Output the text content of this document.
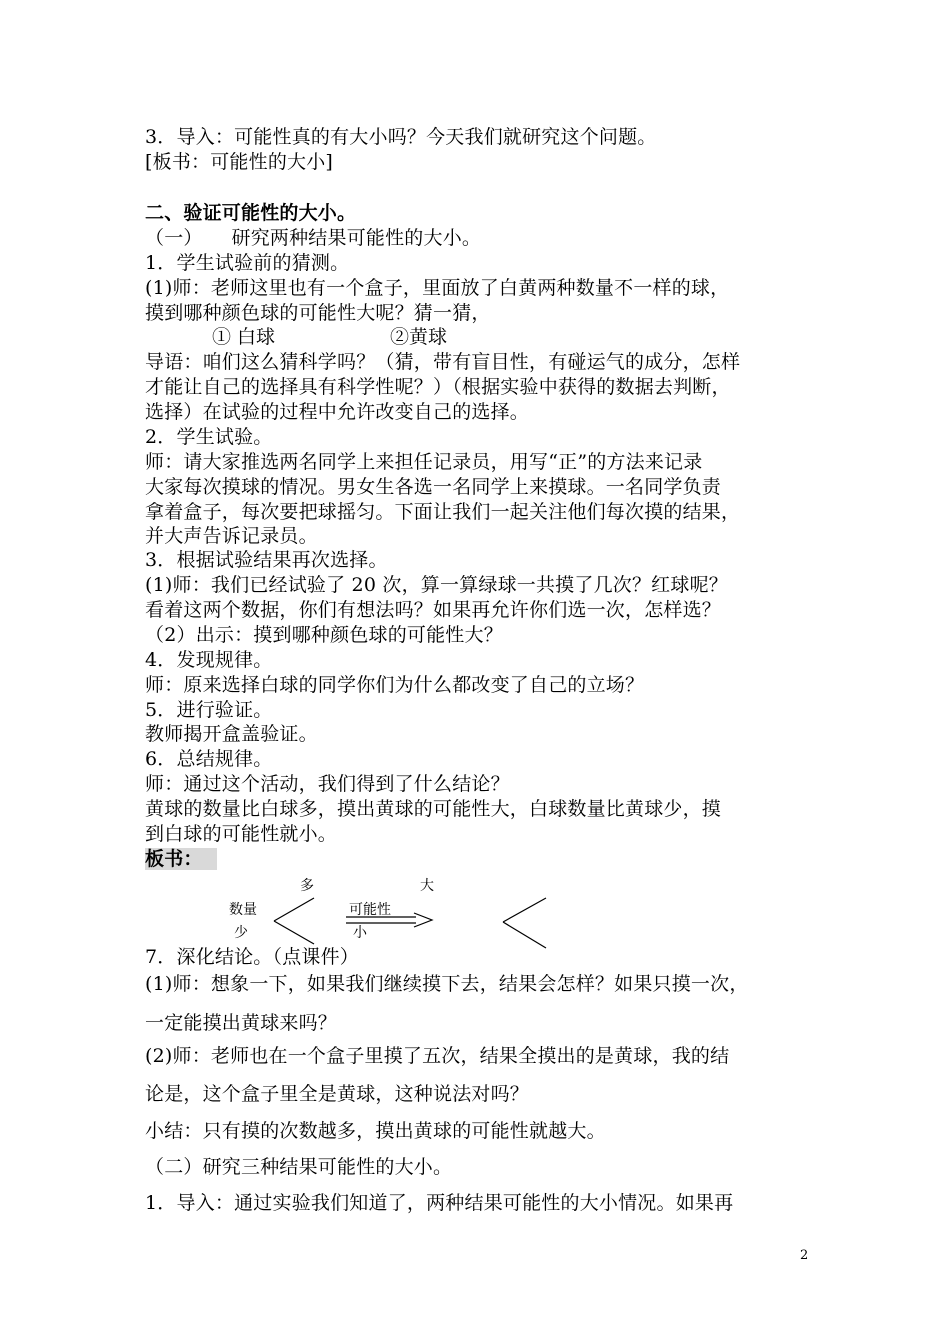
3．导入：可能性真的有大小吗？今天我们就研究这个问题。
[板书：可能性的大小]
二、验证可能性的大小。
（一）　　研究两种结果可能性的大小。
1．学生试验前的猜测。
(1)师：老师这里也有一个盒子，里面放了白黄两种数量不一样的球，
摸到哪种颜色球的可能性大呢？猜一猜，
① 白球	②黄球
导语：咱们这么猜科学吗？（猜，带有盲目性，有碰运气的成分，怎样
才能让自己的选择具有科学性呢？）（根据实验中获得的数据去判断，
选择）在试验的过程中允许改变自己的选择。
2．学生试验。
师：请大家推选两名同学上来担任记录员，用写“正”的方法来记录
大家每次摸球的情况。男女生各选一名同学上来摸球。一名同学负责
拿着盒子，每次要把球摇匀。下面让我们一起关注他们每次摸的结果，
并大声告诉记录员。
3．根据试验结果再次选择。
(1)师：我们已经试验了 20 次，算一算绿球一共摸了几次？红球呢？
看着这两个数据，你们有想法吗？如果再允许你们选一次，怎样选？
（2）出示：摸到哪种颜色球的可能性大？
4．发现规律。
师：原来选择白球的同学你们为什么都改变了自己的立场？
5．进行验证。
教师揭开盒盖验证。
6．总结规律。
师：通过这个活动，我们得到了什么结论？
黄球的数量比白球多，摸出黄球的可能性大，白球数量比黄球少，摸
到白球的可能性就小。
板书：
多	大
数量	可能性
少	小
7．深化结论。（点课件）
(1)师：想象一下，如果我们继续摸下去，结果会怎样？如果只摸一次，
一定能摸出黄球来吗？
(2)师：老师也在一个盒子里摸了五次，结果全摸出的是黄球，我的结
论是，这个盒子里全是黄球，这种说法对吗？
小结：只有摸的次数越多，摸出黄球的可能性就越大。
（二）研究三种结果可能性的大小。
1．导入：通过实验我们知道了，两种结果可能性的大小情况。如果再
2
